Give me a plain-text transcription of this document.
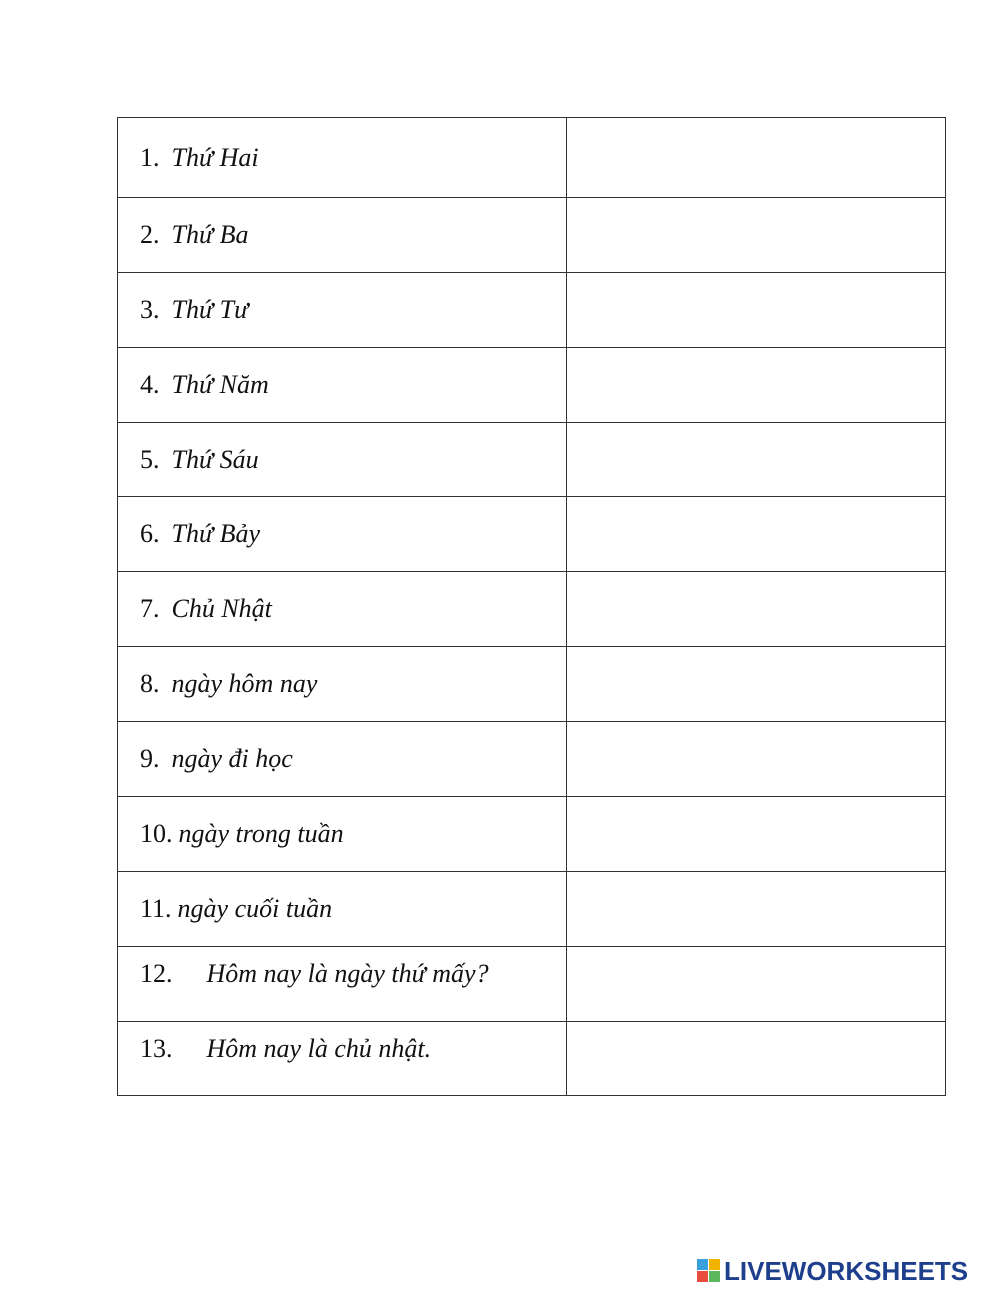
1. Thứ Hai	
2. Thứ Ba	
3. Thứ Tư	
4. Thứ Năm	
5. Thứ Sáu	
6. Thứ Bảy	
7. Chủ Nhật	
8. ngày hôm nay	
9. ngày đi học	
10. ngày trong tuần	
11. ngày cuối tuần	

12. Hôm nay là ngày thứ mấy?	

13. Hôm nay là chủ nhật.	

LIVEWORKSHEETS
